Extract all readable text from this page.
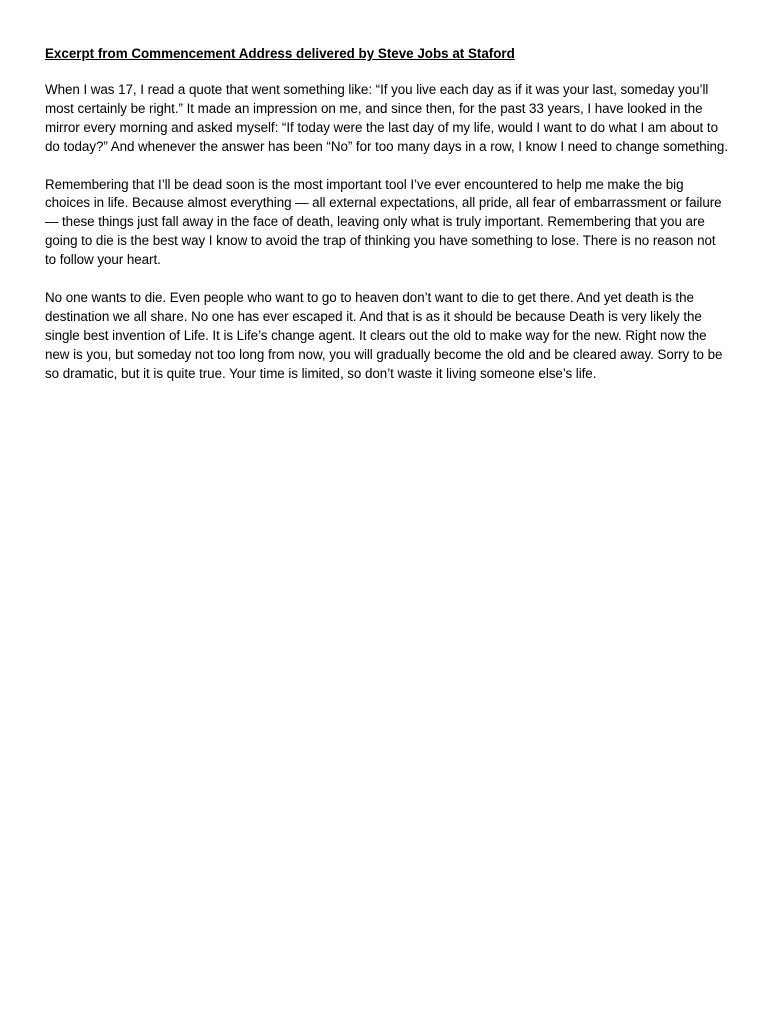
Excerpt from Commencement Address delivered by Steve Jobs at Staford

When I was 17, I read a quote that went something like: “If you live each day as if it was your last, someday you’ll most certainly be right.” It made an impression on me, and since then, for the past 33 years, I have looked in the mirror every morning and asked myself: “If today were the last day of my life, would I want to do what I am about to do today?” And whenever the answer has been “No” for too many days in a row, I know I need to change something.

Remembering that I’ll be dead soon is the most important tool I’ve ever encountered to help me make the big choices in life. Because almost everything — all external expectations, all pride, all fear of embarrassment or failure — these things just fall away in the face of death, leaving only what is truly important. Remembering that you are going to die is the best way I know to avoid the trap of thinking you have something to lose. There is no reason not to follow your heart.

No one wants to die. Even people who want to go to heaven don’t want to die to get there. And yet death is the destination we all share. No one has ever escaped it. And that is as it should be because Death is very likely the single best invention of Life. It is Life’s change agent. It clears out the old to make way for the new. Right now the new is you, but someday not too long from now, you will gradually become the old and be cleared away. Sorry to be so dramatic, but it is quite true. Your time is limited, so don’t waste it living someone else’s life.
